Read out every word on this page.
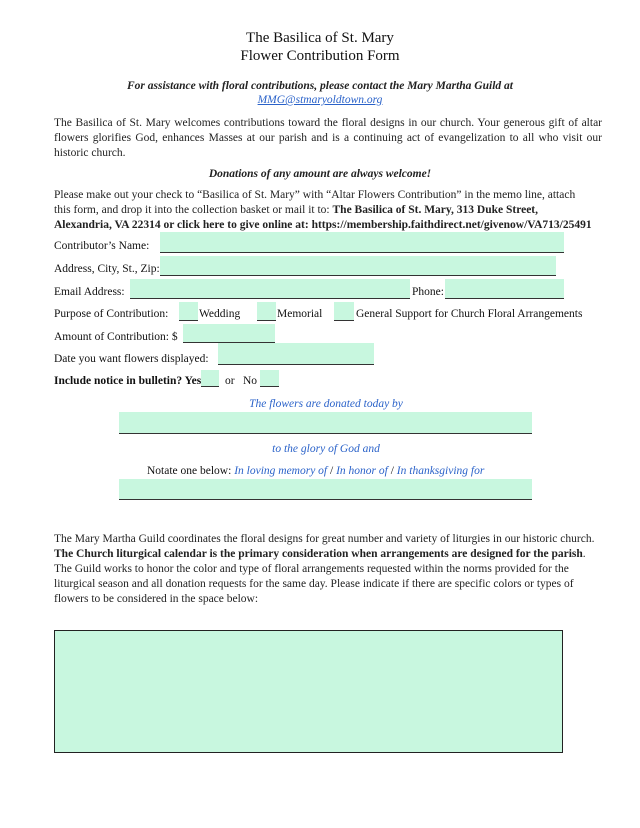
The Basilica of St. Mary
Flower Contribution Form
For assistance with floral contributions, please contact the Mary Martha Guild at
MMG@stmaryoldtown.org
The Basilica of St. Mary welcomes contributions toward the floral designs in our church. Your generous gift of altar flowers glorifies God, enhances Masses at our parish and is a continuing act of evangelization to all who visit our historic church.
Donations of any amount are always welcome!
Please make out your check to “Basilica of St. Mary” with “Altar Flowers Contribution” in the memo line, attach
this form, and drop it into the collection basket or mail it to: The Basilica of St. Mary, 313 Duke Street,
Alexandria, VA 22314 or click here to give online at: https://membership.faithdirect.net/givenow/VA713/25491
Contributor’s Name:
Address, City, St., Zip:
Email Address:	Phone:
Purpose of Contribution:	Wedding	Memorial	General Support for Church Floral Arrangements
Amount of Contribution: $
Date you want flowers displayed:
Include notice in bulletin? Yes or No
The flowers are donated today by
to the glory of God and
Notate one below: In loving memory of / In honor of / In thanksgiving for
The Mary Martha Guild coordinates the floral designs for great number and variety of liturgies in our historic church.
The Church liturgical calendar is the primary consideration when arrangements are designed for the parish.
The Guild works to honor the color and type of floral arrangements requested within the norms provided for the liturgical season and all donation requests for the same day. Please indicate if there are specific colors or types of flowers to be considered in the space below:
